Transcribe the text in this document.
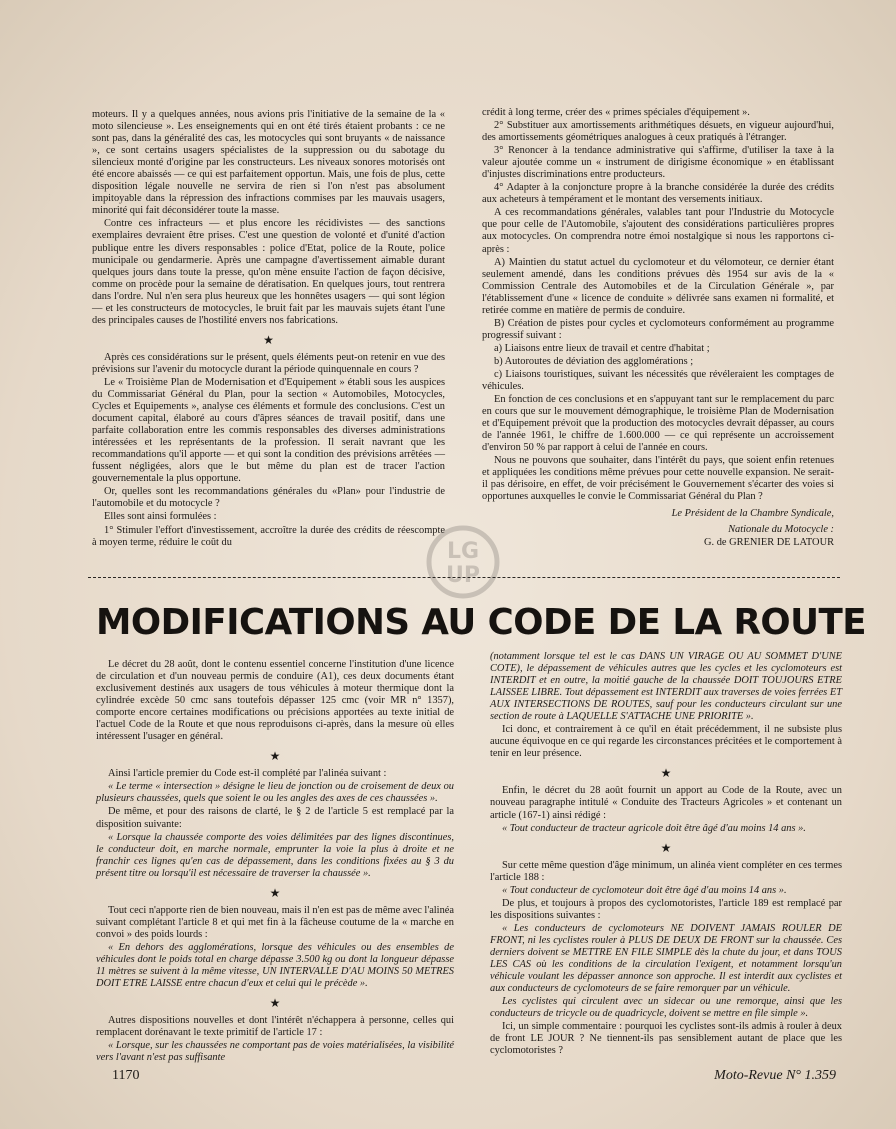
moteurs. Il y a quelques années, nous avions pris l'initiative de la semaine de la « moto silencieuse ». Les enseignements qui en ont été tirés étaient probants : ce ne sont pas, dans la généralité des cas, les motocycles qui sont bruyants « de naissance », ce sont certains usagers spécialistes de la suppression ou du sabotage du silencieux monté d'origine par les constructeurs. Les niveaux sonores motorisés ont été encore abaissés — ce qui est parfaitement opportun. Mais, une fois de plus, cette disposition légale nouvelle ne servira de rien si l'on n'est pas absolument impitoyable dans la répression des infractions commises par les mauvais usagers, minorité qui fait déconsidérer toute la masse.

Contre ces infracteurs — et plus encore les récidivistes — des sanctions exemplaires devraient être prises. C'est une question de volonté et d'unité d'action publique entre les divers responsables : police d'Etat, police de la Route, police municipale ou gendarmerie. Après une campagne d'avertissement aimable durant quelques jours dans toute la presse, qu'on mène ensuite l'action de façon décisive, comme on procède pour la semaine de dératisation. En quelques jours, tout rentrera dans l'ordre. Nul n'en sera plus heureux que les honnêtes usagers — qui sont légion — et les constructeurs de motocycles, le bruit fait par les mauvais sujets étant l'une des principales causes de l'hostilité envers nos fabrications.

★

Après ces considérations sur le présent, quels éléments peut-on retenir en vue des prévisions sur l'avenir du motocycle durant la période quinquennale en cours ?

Le « Troisième Plan de Modernisation et d'Equipement » établi sous les auspices du Commissariat Général du Plan, pour la section « Automobiles, Motocycles, Cycles et Equipements », analyse ces éléments et formule des conclusions. C'est un document capital, élaboré au cours d'âpres séances de travail positif, dans une parfaite collaboration entre les commis responsables des diverses administrations intéressées et les représentants de la profession. Il serait navrant que les recommandations qu'il apporte — et qui sont la condition des prévisions arrêtées — fussent négligées, alors que le but même du plan est de tracer l'action gouvernementale la plus opportune.

Or, quelles sont les recommandations générales du «Plan» pour l'industrie de l'automobile et du motocycle ?

Elles sont ainsi formulées :

1° Stimuler l'effort d'investissement, accroître la durée des crédits de réescompte à moyen terme, réduire le coût du

crédit à long terme, créer des « primes spéciales d'équipement ».

2° Substituer aux amortissements arithmétiques désuets, en vigueur aujourd'hui, des amortissements géométriques analogues à ceux pratiqués à l'étranger.

3° Renoncer à la tendance administrative qui s'affirme, d'utiliser la taxe à la valeur ajoutée comme un « instrument de dirigisme économique » en établissant d'injustes discriminations entre producteurs.

4° Adapter à la conjoncture propre à la branche considérée la durée des crédits aux acheteurs à tempérament et le montant des versements initiaux.

A ces recommandations générales, valables tant pour l'Industrie du Motocycle que pour celle de l'Automobile, s'ajoutent des considérations particulières propres aux motocycles. On comprendra notre émoi nostalgique si nous les rapportons ci-après :

A) Maintien du statut actuel du cyclomoteur et du vélomoteur, ce dernier étant seulement amendé, dans les conditions prévues dès 1954 sur avis de la « Commission Centrale des Automobiles et de la Circulation Générale », par l'établissement d'une « licence de conduite » délivrée sans examen ni formalité, et retirée comme en matière de permis de conduire.

B) Création de pistes pour cycles et cyclomoteurs conformément au programme progressif suivant :

a) Liaisons entre lieux de travail et centre d'habitat ;

b) Autoroutes de déviation des agglomérations ;

c) Liaisons touristiques, suivant les nécessités que révéleraient les comptages de véhicules.

En fonction de ces conclusions et en s'appuyant tant sur le remplacement du parc en cours que sur le mouvement démographique, le troisième Plan de Modernisation et d'Equipement prévoit que la production des motocycles devrait dépasser, au cours de l'année 1961, le chiffre de 1.600.000 — ce qui représente un accroissement d'environ 50 % par rapport à celui de l'année en cours.

Nous ne pouvons que souhaiter, dans l'intérêt du pays, que soient enfin retenues et appliquées les conditions même prévues pour cette nouvelle expansion. Ne serait-il pas dérisoire, en effet, de voir précisément le Gouvernement s'écarter des voies si opportunes auxquelles le convie le Commissariat Général du Plan ?

Le Président de la Chambre Syndicale,
Nationale du Motocycle :
G. de GRENIER DE LATOUR
LG
UP
MODIFICATIONS AU CODE DE LA ROUTE

Le décret du 28 août, dont le contenu essentiel concerne l'institution d'une licence de circulation et d'un nouveau permis de conduire (A1), ces deux documents étant exclusivement destinés aux usagers de tous véhicules à moteur thermique dont la cylindrée excède 50 cmc sans toutefois dépasser 125 cmc (voir MR n° 1357), comporte encore certaines modifications ou précisions apportées au texte initial de l'actuel Code de la Route et que nous reproduisons ci-après, dans la mesure où elles intéressent l'usager en général.

★

Ainsi l'article premier du Code est-il complété par l'alinéa suivant :

« Le terme « intersection » désigne le lieu de jonction ou de croisement de deux ou plusieurs chaussées, quels que soient le ou les angles des axes de ces chaussées ».

De même, et pour des raisons de clarté, le § 2 de l'article 5 est remplacé par la disposition suivante:

« Lorsque la chaussée comporte des voies délimitées par des lignes discontinues, le conducteur doit, en marche normale, emprunter la voie la plus à droite et ne franchir ces lignes qu'en cas de dépassement, dans les conditions fixées au § 3 du présent titre ou lorsqu'il est nécessaire de traverser la chaussée ».

★

Tout ceci n'apporte rien de bien nouveau, mais il n'en est pas de même avec l'alinéa suivant complétant l'article 8 et qui met fin à la fâcheuse coutume de la « marche en convoi » des poids lourds :

« En dehors des agglomérations, lorsque des véhicules ou des ensembles de véhicules dont le poids total en charge dépasse 3.500 kg ou dont la longueur dépasse 11 mètres se suivent à la même vitesse, UN INTERVALLE D'AU MOINS 50 METRES DOIT ETRE LAISSE entre chacun d'eux et celui qui le précède ».

★

Autres dispositions nouvelles et dont l'intérêt n'échappera à personne, celles qui remplacent dorénavant le texte primitif de l'article 17 :

« Lorsque, sur les chaussées ne comportant pas de voies matérialisées, la visibilité vers l'avant n'est pas suffisante

(notamment lorsque tel est le cas DANS UN VIRAGE OU AU SOMMET D'UNE COTE), le dépassement de véhicules autres que les cycles et les cyclomoteurs est INTERDIT et en outre, la moitié gauche de la chaussée DOIT TOUJOURS ETRE LAISSEE LIBRE. Tout dépassement est INTERDIT aux traverses de voies ferrées ET AUX INTERSECTIONS DE ROUTES, sauf pour les conducteurs circulant sur une section de route à LAQUELLE S'ATTACHE UNE PRIORITE ».

Ici donc, et contrairement à ce qu'il en était précédemment, il ne subsiste plus aucune équivoque en ce qui regarde les circonstances précitées et le comportement à tenir en leur présence.

★

Enfin, le décret du 28 août fournit un apport au Code de la Route, avec un nouveau paragraphe intitulé « Conduite des Tracteurs Agricoles » et contenant un article (167-1) ainsi rédigé :

« Tout conducteur de tracteur agricole doit être âgé d'au moins 14 ans ».

★

Sur cette même question d'âge minimum, un alinéa vient compléter en ces termes l'article 188 :

« Tout conducteur de cyclomoteur doit être âgé d'au moins 14 ans ».

De plus, et toujours à propos des cyclomotoristes, l'article 189 est remplacé par les dispositions suivantes :

« Les conducteurs de cyclomoteurs NE DOIVENT JAMAIS ROULER DE FRONT, ni les cyclistes rouler à PLUS DE DEUX DE FRONT sur la chaussée. Ces derniers doivent se METTRE EN FILE SIMPLE dès la chute du jour, et dans TOUS LES CAS où les conditions de la circulation l'exigent, et notamment lorsqu'un véhicule voulant les dépasser annonce son approche. Il est interdit aux cyclistes et aux conducteurs de cyclomoteurs de se faire remorquer par un véhicule.

Les cyclistes qui circulent avec un sidecar ou une remorque, ainsi que les conducteurs de tricycle ou de quadricycle, doivent se mettre en file simple ».

Ici, un simple commentaire : pourquoi les cyclistes sont-ils admis à rouler à deux de front LE JOUR ? Ne tiennent-ils pas sensiblement autant de place que les cyclomotoristes ?

1170	Moto-Revue N° 1.359
